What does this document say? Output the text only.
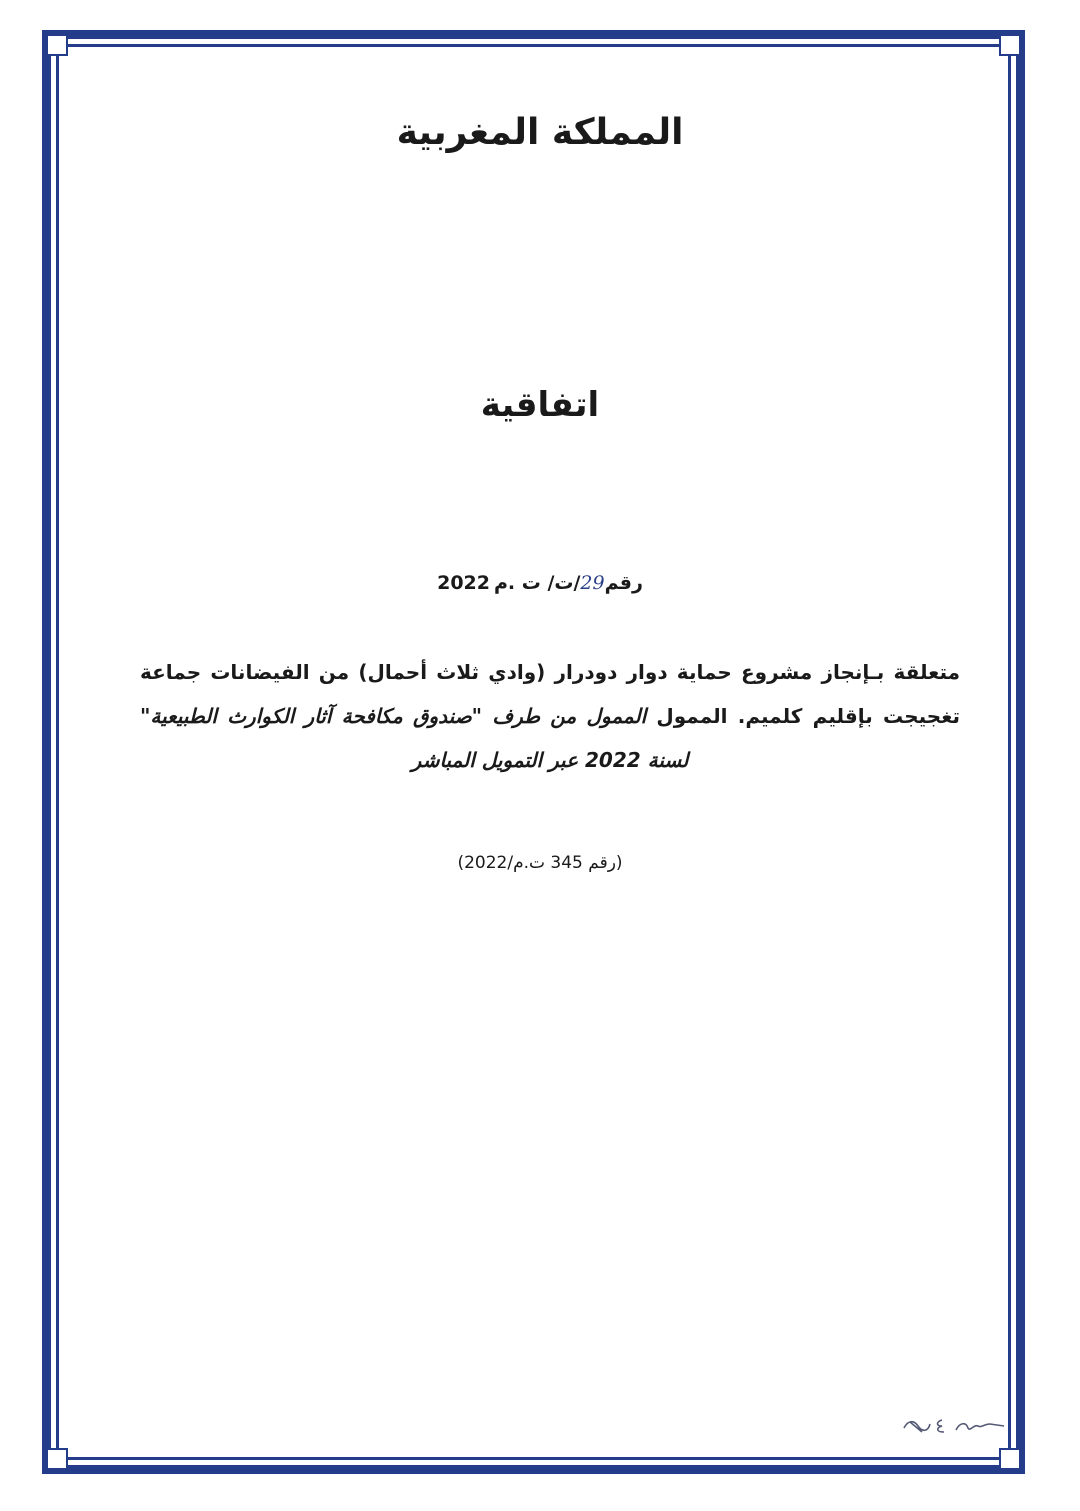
المملكة المغربية
اتفاقية
رقم29/ت/ ت .م2022
متعلقة بـإنجاز مشروع حماية دوار دودرار (وادي ثلاث أحمال) من الفيضانات جماعة تغجيجت بإقليم كلميم. الممول الممول من طرف "صندوق مكافحة آثار الكوارث الطبيعية" لسنة 2022 عبر التمويل المباشر
(رقم 345 ت.م/2022)
